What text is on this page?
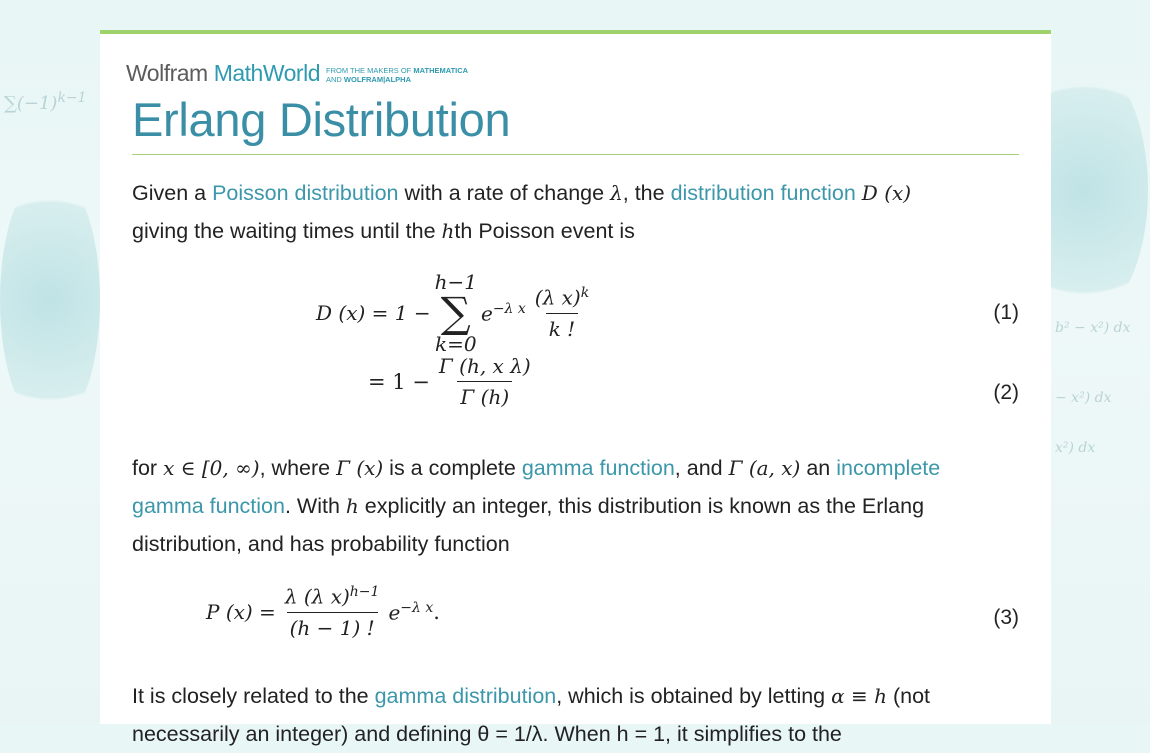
$\sum(-1)^{k-1}$
b² − x²) dx
− x²) dx
x²) dx
Wolfram MathWorld FROM THE MAKERS OF MATHEMATICA
AND WOLFRAM|ALPHA
Erlang Distribution

Given a Poisson distribution with a rate of change λ, the distribution function D (x)
giving the waiting times until the hth Poisson event is

D (x) = 1 −
h−1
∑
k=0
$e^{-\lambda x} \frac{(\lambda x)^k}{k !}$	(1)
= $1 - \frac{\text{Γ (h, x λ)}}{\Gamma (h)}$	(2)

for x ∈ [0, ∞), where Γ (x) is a complete gamma function, and Γ (a, x) an incomplete gamma function. With h explicitly an integer, this distribution is known as the Erlang distribution, and has probability function

P $(x) = \frac{\lambda (\lambda x)^{h-1}}{(h - 1) !} e^{-\lambda x}$ .	(3)

It is closely related to the gamma distribution, which is obtained by letting α ≡ h (not necessarily an integer) and defining θ = 1/λ. When h = 1, it simplifies to the
